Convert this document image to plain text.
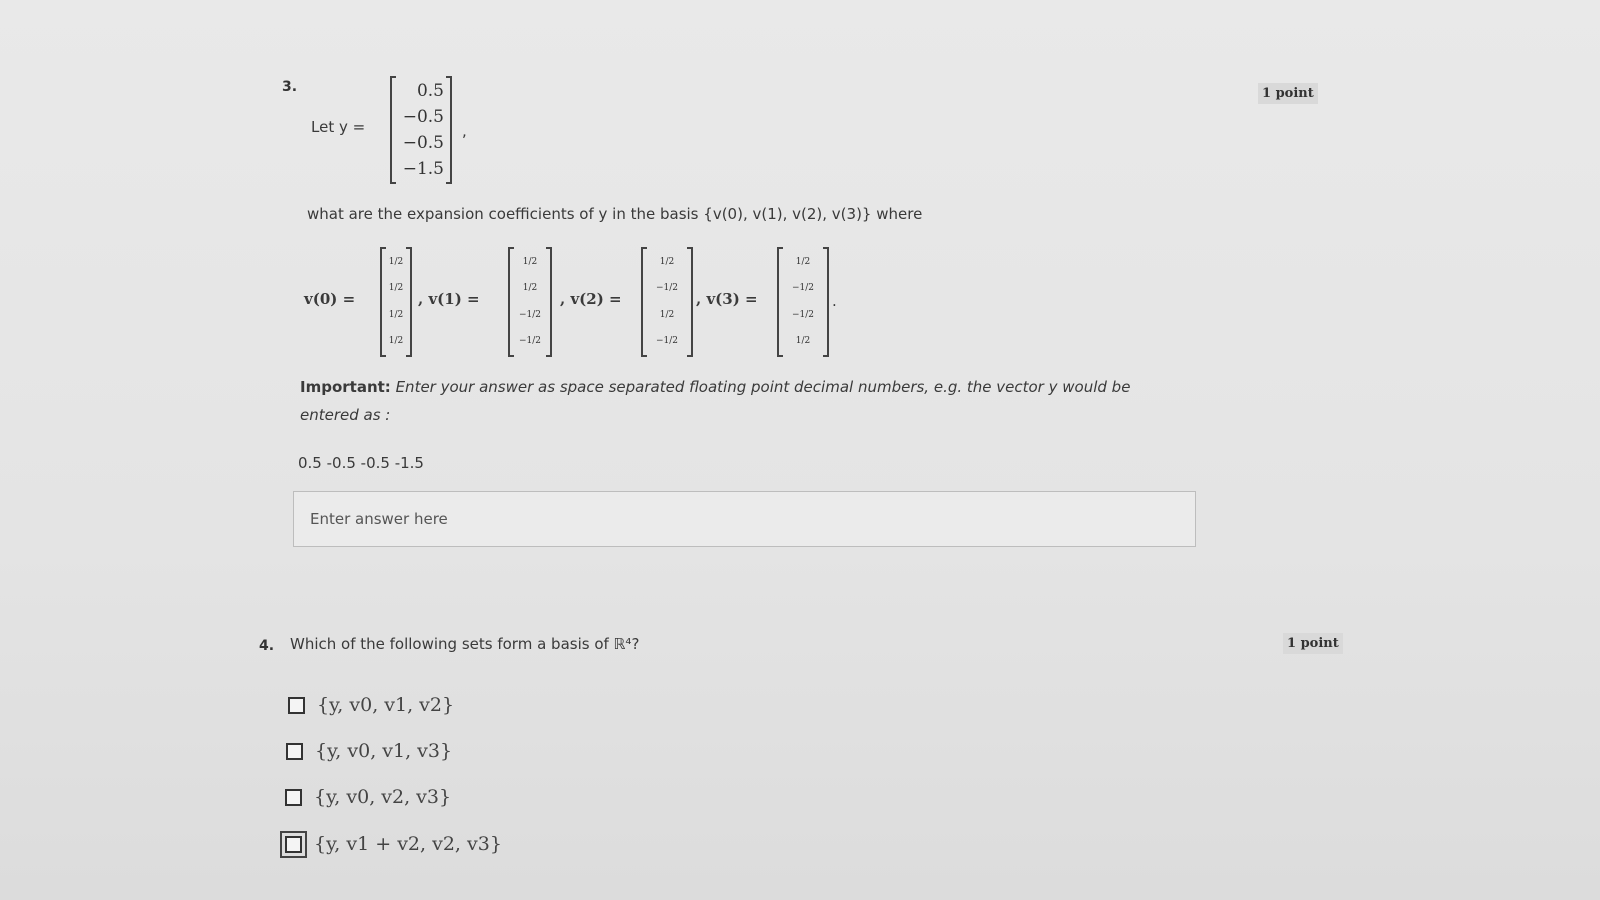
3.	1 point
Let y =
0.5
−0.5
−0.5
−1.5
,
what are the expansion coefficients of y in the basis {v(0), v(1), v(2), v(3)} where
v(0) =
1/2
1/2
1/2
1/2
, v(1) =
1/2
1/2
−1/2
−1/2
, v(2) =
1/2
−1/2
1/2
−1/2
, v(3) =
1/2
−1/2
−1/2
1/2
.
Important: Enter your answer as space separated floating point decimal numbers, e.g. the vector y would be
entered as :
0.5 -0.5 -0.5 -1.5
Enter answer here
4. Which of the following sets form a basis of ℝ⁴?	1 point
{y, v0, v1, v2}
{y, v0, v1, v3}
{y, v0, v2, v3}
{y, v1 + v2, v2, v3}
